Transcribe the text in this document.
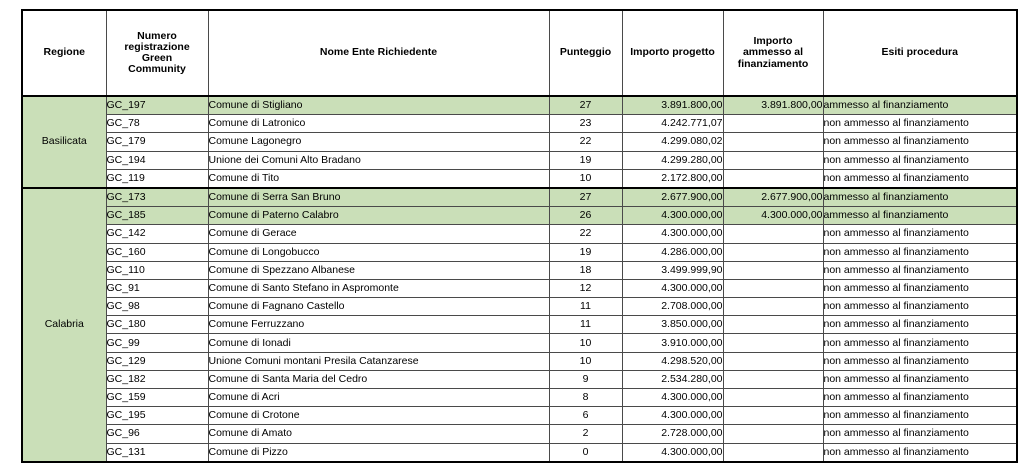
Regione	Numero
registrazione
Green
Community	Nome Ente Richiedente	Punteggio	Importo progetto	Importo
ammesso al
finanziamento	Esiti procedura
Basilicata	GC_197	Comune di Stigliano	27	3.891.800,00	3.891.800,00	ammesso al finanziamento
	GC_78	Comune di Latronico	23	4.242.771,07		non ammesso al finanziamento
	GC_179	Comune Lagonegro	22	4.299.080,02		non ammesso al finanziamento
	GC_194	Unione dei Comuni Alto Bradano	19	4.299.280,00		non ammesso al finanziamento
	GC_119	Comune di Tito	10	2.172.800,00		non ammesso al finanziamento
Calabria	GC_173	Comune di Serra San Bruno	27	2.677.900,00	2.677.900,00	ammesso al finanziamento
	GC_185	Comune di Paterno Calabro	26	4.300.000,00	4.300.000,00	ammesso al finanziamento
	GC_142	Comune di Gerace	22	4.300.000,00		non ammesso al finanziamento
	GC_160	Comune di Longobucco	19	4.286.000,00		non ammesso al finanziamento
	GC_110	Comune di Spezzano Albanese	18	3.499.999,90		non ammesso al finanziamento
	GC_91	Comune di Santo Stefano in Aspromonte	12	4.300.000,00		non ammesso al finanziamento
	GC_98	Comune di Fagnano Castello	11	2.708.000,00		non ammesso al finanziamento
	GC_180	Comune Ferruzzano	11	3.850.000,00		non ammesso al finanziamento
	GC_99	Comune di Ionadi	10	3.910.000,00		non ammesso al finanziamento
	GC_129	Unione Comuni montani Presila Catanzarese	10	4.298.520,00		non ammesso al finanziamento
	GC_182	Comune di Santa Maria del Cedro	9	2.534.280,00		non ammesso al finanziamento
	GC_159	Comune di Acri	8	4.300.000,00		non ammesso al finanziamento
	GC_195	Comune di Crotone	6	4.300.000,00		non ammesso al finanziamento
	GC_96	Comune di Amato	2	2.728.000,00		non ammesso al finanziamento
	GC_131	Comune di Pizzo	0	4.300.000,00		non ammesso al finanziamento
